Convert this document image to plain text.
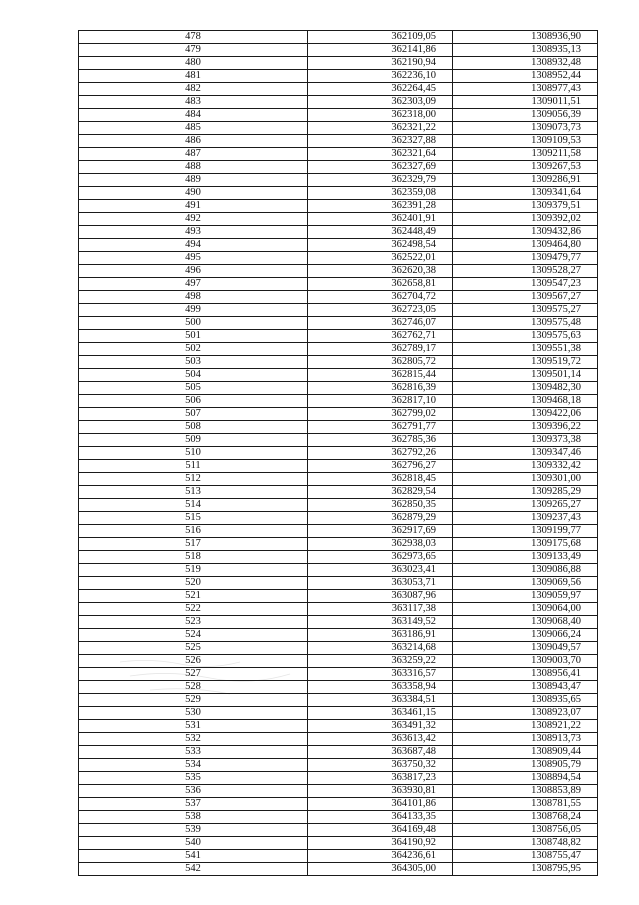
478	362109,05	1308936,90
479	362141,86	1308935,13
480	362190,94	1308932,48
481	362236,10	1308952,44
482	362264,45	1308977,43
483	362303,09	1309011,51
484	362318,00	1309056,39
485	362321,22	1309073,73
486	362327,88	1309109,53
487	362321,64	1309211,58
488	362327,69	1309267,53
489	362329,79	1309286,91
490	362359,08	1309341,64
491	362391,28	1309379,51
492	362401,91	1309392,02
493	362448,49	1309432,86
494	362498,54	1309464,80
495	362522,01	1309479,77
496	362620,38	1309528,27
497	362658,81	1309547,23
498	362704,72	1309567,27
499	362723,05	1309575,27
500	362746,07	1309575,48
501	362762,71	1309575,63
502	362789,17	1309551,38
503	362805,72	1309519,72
504	362815,44	1309501,14
505	362816,39	1309482,30
506	362817,10	1309468,18
507	362799,02	1309422,06
508	362791,77	1309396,22
509	362785,36	1309373,38
510	362792,26	1309347,46
511	362796,27	1309332,42
512	362818,45	1309301,00
513	362829,54	1309285,29
514	362850,35	1309265,27
515	362879,29	1309237,43
516	362917,69	1309199,77
517	362938,03	1309175,68
518	362973,65	1309133,49
519	363023,41	1309086,88
520	363053,71	1309069,56
521	363087,96	1309059,97
522	363117,38	1309064,00
523	363149,52	1309068,40
524	363186,91	1309066,24
525	363214,68	1309049,57
526	363259,22	1309003,70
527	363316,57	1308956,41
528	363358,94	1308943,47
529	363384,51	1308935,65
530	363461,15	1308923,07
531	363491,32	1308921,22
532	363613,42	1308913,73
533	363687,48	1308909,44
534	363750,32	1308905,79
535	363817,23	1308894,54
536	363930,81	1308853,89
537	364101,86	1308781,55
538	364133,35	1308768,24
539	364169,48	1308756,05
540	364190,92	1308748,82
541	364236,61	1308755,47
542	364305,00	1308795,95
